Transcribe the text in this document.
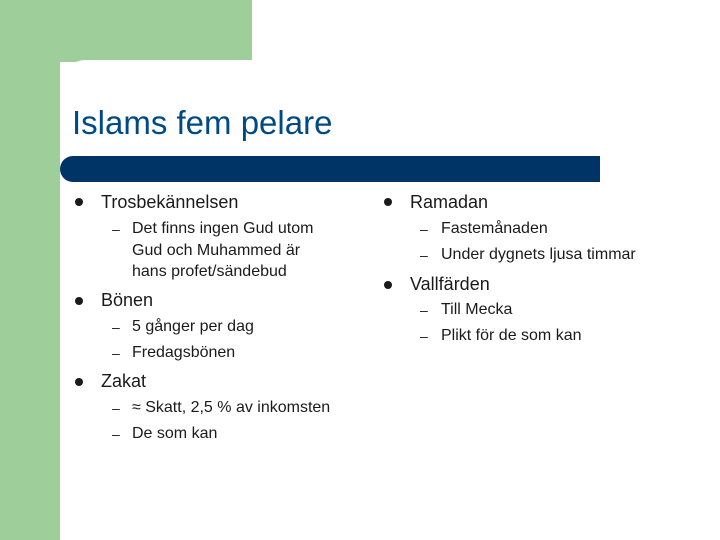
Islams fem pelare
Trosbekännelsen
– Det finns ingen Gud utom
Gud och Muhammed är
hans profet/sändebud
Bönen
– 5 gånger per dag
– Fredagsbönen
Zakat
– ≈ Skatt, 2,5 % av inkomsten
– De som kan
Ramadan
– Fastemånaden
– Under dygnets ljusa timmar
Vallfärden
– Till Mecka
– Plikt för de som kan
